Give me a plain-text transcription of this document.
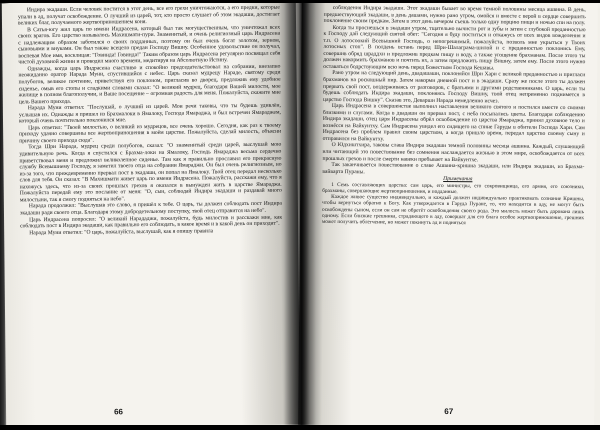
Индира экадаши. Если человек постится в этот день, все его грехи уничтожаются, а его предки, которые упали в ад, получат освобождение. О лучший из царей, тот, кто просто слушает об этом экадаши, достигает великих благ, получаемого жертвоприношением коня.

В Сатья-югу жил царь по имени Индрасена, который был так могущественным, что уничтожал всех своих врагов. Его царство называлось Махишмати-пури. Знаменитый, и очень религиозный царь Индрасена с надлежащим образом заботился о своих подданных, поэтому он был очень богат золотом, зерном, сыновьями и внуками. Он был также всецело предан Господу Вишну. Особенное удовольствие он получал, воспевая Мое имя, восклицая: "Говинда! Говинда!" Таким образом царь Индрасена регулярно посвящал себя чистой духовной жизни и проводил много времени, медитируя на Абсолютную Истину.

Однажды, когда царь Индрасена счастливо и спокойно председательствовал на собрании, внезапно неожиданно оратор Нарада Муни, спустившийся с небес. Царь сказал мудрецу Нараде, святому среди полубогов, великое почтение, приветствуя его поклоном, пригласив во дворец, предложив ему удобное сиденье, омыв его стопы и сладкими словами сказал: "О великий мудрец, благодаря Вашей милости, мое жилище в полном благополучии, и Ваше посещение – огромная радость для меня. Пожалуйста, скажите мне цель Вашего прихода.

Нарада Муни ответил: "Послушай, о лучший из царей. Мои речи таковы, что ты будешь удивлён, услышав их. Однажды я пришел из Брахмалоки в Ямалоку, Господа Ямараджа, и был встречен Ямараджем, который очень почтительно поклонился мне.

Царь ответил: "Твоей милостью, о великий из мудрецов, все очень хорошо. Сегодня, как раз к твоему приходу удачно совершены все жертвоприношения в моём царстве. Пожалуйста, сделай милость, объясни причину своего прихода сюда".

Тогда Шри Нарада, мудрец среди полубогов, сказал: "О знаменитый среди царей, выслушай мою удивительную речь. Когда я спустился с Брахма-локи на Ямалоку, Господь Ямараджа весьма сердечно приветствовал меня и предложил великолепное сиденье. Там как я правильно прославил его прекрасную службу Всевышнему Господу, я заметил твоего отца на собрании Ямараджи. Он был очень религиозным, но из-за того, что преждевременно прервал пост в экадаши, он попал на Ямалоку. Твой отец передал несколько слов для тебя. Он сказал: "В Махишмати живет царь по имени Индрасена. Пожалуйста, расскажи ему, что я нахожусь здесь, что из-за своих прошлых грехов я оказался в вынужден жить в царстве Ямараджа. Пожалуйста передай ему это послание от меня: "О, сын, соблюдай Индира экадаши и раздавай много милостыни, так я смогу подняться на небо".

Нарада продолжил: "Выслушав это слово, я пришёл к тебе. О царь, ты должен соблюдать пост Индира экадаши ради своего отца. Благодаря этому добродетельному поступку, твой отец отправится на небо".

Царь Индрасена попросил: "О великий Нарададжи, пожалуйста, будь милостив и расскажи мне, как соблюдать пост в Индира экадаши, как правильно его соблюдать, в какое время и в какой день он приходит".

Нарада Муни ответил: "О царь, пожалуйста, выслушай, как я опишу правила

66

соблюдения Индира экадаши. Этот экадаши бывает во время темной половины месяца ашвина. В день, предшествующий экадаши, в день дашами, нужно рано утром, омойся и вместе с верой в сердце совершить поклонение своим предкам. Затем в этот день вечером съешь только одну порцию пищи и ночью спи на полу.

Когда ты проснешься в экадаши утром, тщательно вычисти рот и зубы и затем с глубокой преданностью к Господу дай следующий святой обет: "Сегодня я буду поститься и откажусь от всех видов вожделения и т.п. О лотосоокий Всевышний Господь, о непогрешимый, пожалуйста, позволь мне укрыться у Твоих лотосных стоп". В полдень встань перед Шри-Шалаграма-шилой и с преданностью поклонись Ему, совершив обряд шраддхи и предложив предкам пищу и воду, а также угощение брахманам. После этого ты должен накормить брахманов и почтить их, а затем предложить пищу Вишну, затем ему. После этого нужно оставаться бодрствующим всю ночь перед Божеством Господа Кешавы.

Рано утром на следующий день, двадашаши, поклоняйся Шри Хари с великой преданностью и пригласи брахманов на роскошный пир. Затем накорми дневной пост и в экадаши. Сразу же после этого ты должен прервать свой пост, воздерживаясь от разговоров, с братьями и другими родственниками. О царь, если ты будешь соблюдать Индира экадаши, поклоняясь Господу Вишну, твой отец непременно поднимется в царство Господа Вишну". Сказав это, Деварши Нарада немедленно исчез.

Царь Индрасена в совершенстве выполнил наставления великого святого и постился вместе со своими близкими и слугами. Когда в двадаши он прервал пост, с неба посыпались цветы. Благодаря соблюдению Индира экадаши, отец царя Индрасены обрёл освобождение из царства Ямараджа, принял духовное тело и вознёсся на Вайкунтху. Сам Индрасена увидел его сидящего на спине Гаруды в обители Господа Хари. Сам Индрасена без проблем правил своим царством, а когда пришло время, передал царство своему сыну и отправился на Вайкунтху.

О Юдхиштхира, таковы слава Индира экадаши темной половины месяца ашвина. Каждый, слушающий или читающий это повествование без сомнения наслаждается жизнью в этом мире, освобождается от всех прошлых грехов и после смерти навеки пребывает на Вайкунтхе.

Так заканчивается повествование о славе Ашвина-кришна экадаши, или Индира экадаши, из Брахма-вайварта Пураны.

Примечания

1 Семь составляющих царства: сам царь, его министры, его сокровищница, его армия, его союзники, брахманы, совершающие жертвоприношения, и подданные.

Каждое живое существо индивидуально, и каждый должен индивидуально практиковать сознание Кришны, чтобы вернуться обратно к Богу. Как утверждается в Гаруда Пуране, то, что находится в аду, не могут быть освобождены сыном, если он сам не обретёт освобождения своего рода. Это милость может быть дарована лишь одному. Если близкие грешника, страдающего в аду, совершат для его блага особое жертвоприношение, грешник может получить облегчение, но может покинуть ад и подняться

67
